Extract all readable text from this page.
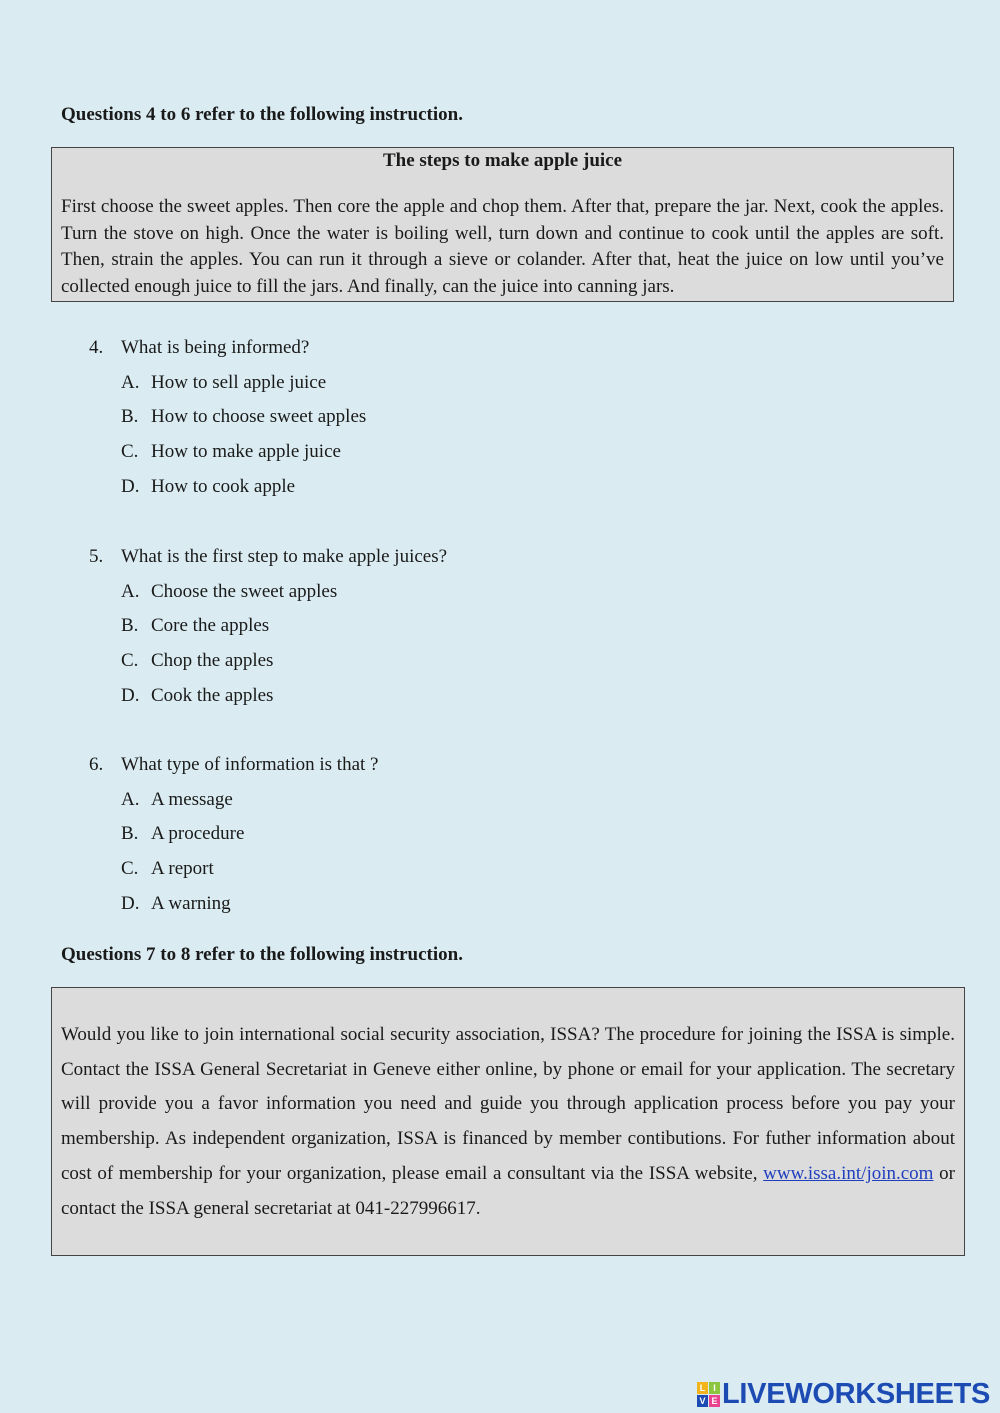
Questions 4 to 6 refer to the following instruction.
The steps to make apple juice
First choose the sweet apples. Then core the apple and chop them. After that, prepare the jar. Next, cook the apples. Turn the stove on high. Once the water is boiling well, turn down and continue to cook until the apples are soft. Then, strain the apples. You can run it through a sieve or colander. After that, heat the juice on low until you’ve collected enough juice to fill the jars. And finally, can the juice into canning jars.
4. What is being informed?
A. How to sell apple juice
B. How to choose sweet apples
C. How to make apple juice
D. How to cook apple
5. What is the first step to make apple juices?
A. Choose the sweet apples
B. Core the apples
C. Chop the apples
D. Cook the apples
6. What type of information is that ?
A. A message
B. A procedure
C. A report
D. A warning
Questions 7 to 8 refer to the following instruction.
Would you like to join international social security association, ISSA? The procedure for joining the ISSA is simple. Contact the ISSA General Secretariat in Geneve either online, by phone or email for your application. The secretary will provide you a favor information you need and guide you through application process before you pay your membership. As independent organization, ISSA is financed by member contibutions. For futher information about cost of membership for your organization, please email a consultant via the ISSA website, www.issa.int/join.com or contact the ISSA general secretariat at 041-227996617.
L I
V E LIVEWORKSHEETS
